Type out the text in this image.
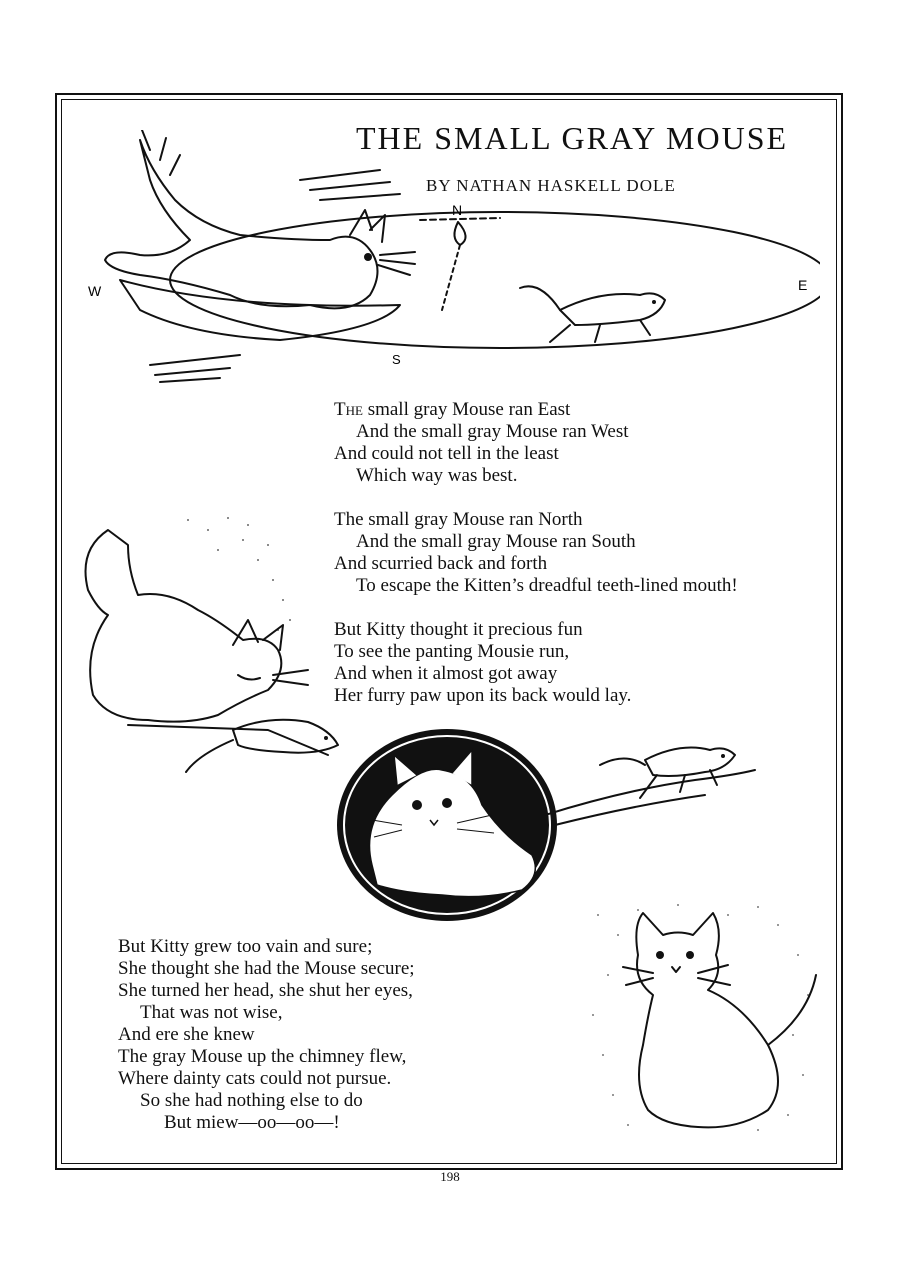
N
E
S
W
THE SMALL GRAY MOUSE
BY NATHAN HASKELL DOLE
The small gray Mouse ran East
And the small gray Mouse ran West
And could not tell in the least
Which way was best.
The small gray Mouse ran North
And the small gray Mouse ran South
And scurried back and forth
To escape the Kitten’s dreadful teeth-lined mouth!
But Kitty thought it precious fun
To see the panting Mousie run,
And when it almost got away
Her furry paw upon its back would lay.
But Kitty grew too vain and sure;
She thought she had the Mouse secure;
She turned her head, she shut her eyes,
That was not wise,
And ere she knew
The gray Mouse up the chimney flew,
Where dainty cats could not pursue.
So she had nothing else to do
But miew—oo—oo—!
198
